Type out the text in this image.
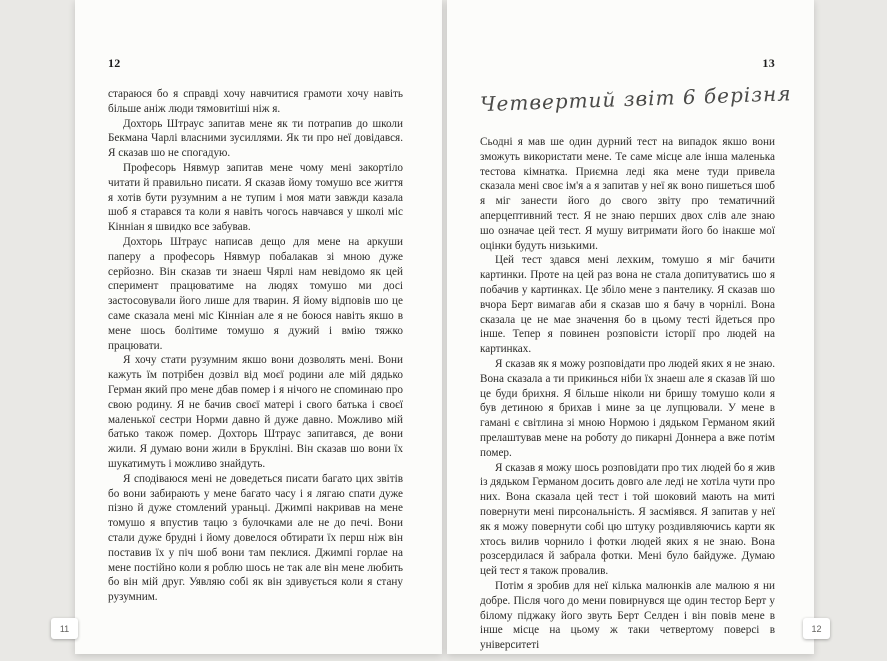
12

стараюся бо я справді хочу навчитися грамоти хочу навіть більше аніж люди тямовитіші ніж я.

Дохторь Штраус запитав мене як ти потрапив до школи Бекмана Чарлі власними зусиллями. Як ти про неї довідався. Я сказав шо не спогадую.

Професорь Нявмур запитав мене чому мені закортіло читати й правильно писати. Я сказав йому томушо все життя я хотів бути рузумним а не тупим і моя мати завжди казала шоб я старався та коли я навіть чогось навчався у школі міс Кінніан я швидко все забував.

Дохторь Штраус написав дещо для мене на аркуши паперу а професорь Нявмур побалакав зі мною дуже серйозно. Він сказав ти знаеш Чярлі нам невідомо як цей сперимент працюватиме на людях томушо ми досі застосовували його лише для тварин. Я йому відповів шо це саме сказала мені міс Кінніан але я не боюся навіть якшо в мене шось болітиме томушо я дужий і вмію тяжко працювати.

Я хочу стати рузумним якшо вони дозволять мені. Вони кажуть їм потрібен дозвіл від моєї родини але мій дядько Герман який про мене дбав помер і я нічого не споминаю про свою родину. Я не бачив своєї матері і свого батька і своєї маленької сестри Норми давно й дуже давно. Можливо мій батько також помер. Дохторь Штраус запитався, де вони жили. Я думаю вони жили в Брукліні. Він сказав шо вони їх шукатимуть і можливо знайдуть.

Я сподіваюся мені не доведеться писати багато цих звітів бо вони забирають у мене багато часу і я лягаю спати дуже пізно й дуже стомлений ураньці. Джимпі накривав на мене томушо я впустив тацю з булочками але не до печі. Вони стали дуже брудні і йому довелося обтирати їх перш ніж він поставив їх у піч шоб вони там пеклися. Джимпі горлае на мене постійно коли я роблю шось не так але він мене любить бо він мій друг. Уявляю собі як він здивується коли я стану рузумним.

13
Четвертий звіт 6 берізня

Сьодні я мав ше один дурний тест на випадок якшо вони зможуть використати мене. Те саме місце але інша маленька тестова кімнатка. Приємна леді яка мене туди привела сказала мені своє ім'я а я запитав у неї як воно пишеться шоб я міг занести його до свого звіту про тематичний аперцептивний тест. Я не знаю перших двох слів але знаю шо означае цей тест. Я мушу витримати його бо інакше мої оцінки будуть низькими.

Цей тест здався мені лехким, томушо я міг бачити картинки. Проте на цей раз вона не стала допитуватись шо я побачив у картинках. Це збіло мене з пантелику. Я сказав шо вчора Берт вимагав аби я сказав шо я бачу в чорнілі. Вона сказала це не мае значення бо в цьому тесті йдеться про інше. Тепер я повинен розповісти історії про людей на картинках.

Я сказав як я можу розповідати про людей яких я не знаю. Вона сказала а ти прикинься ніби їх знаеш але я сказав їй шо це буди брихня. Я більше ніколи ни бришу томушо коли я був детиною я брихав і мине за це лупцювали. У мене в гамані є світлина зі мною Нормою і дядьком Германом який прелаштував мене на роботу до пикарні Доннера а вже потім помер.

Я сказав я можу шось розповідати про тих людей бо я жив із дядьком Германом досить довго але леді не хотіла чути про них. Вона сказала цей тест і той шоковий мають на миті повернути мені пирсональність. Я засміявся. Я запитав у неї як я можу повернути собі цю штуку роздивляючись карти як хтось вилив чорнило і фотки людей яких я не знаю. Вона розсердилася й забрала фотки. Мені було байдуже. Думаю цей тест я також провалив.

Потім я зробив для неї кілька малюнків але малюю я ни добре. Після чого до мени повирнувся ще один тестор Берт у білому піджаку його звуть Берт Селден і він повів мене в інше місце на цьому ж таки четвертому поверсі в університеті

11	12
